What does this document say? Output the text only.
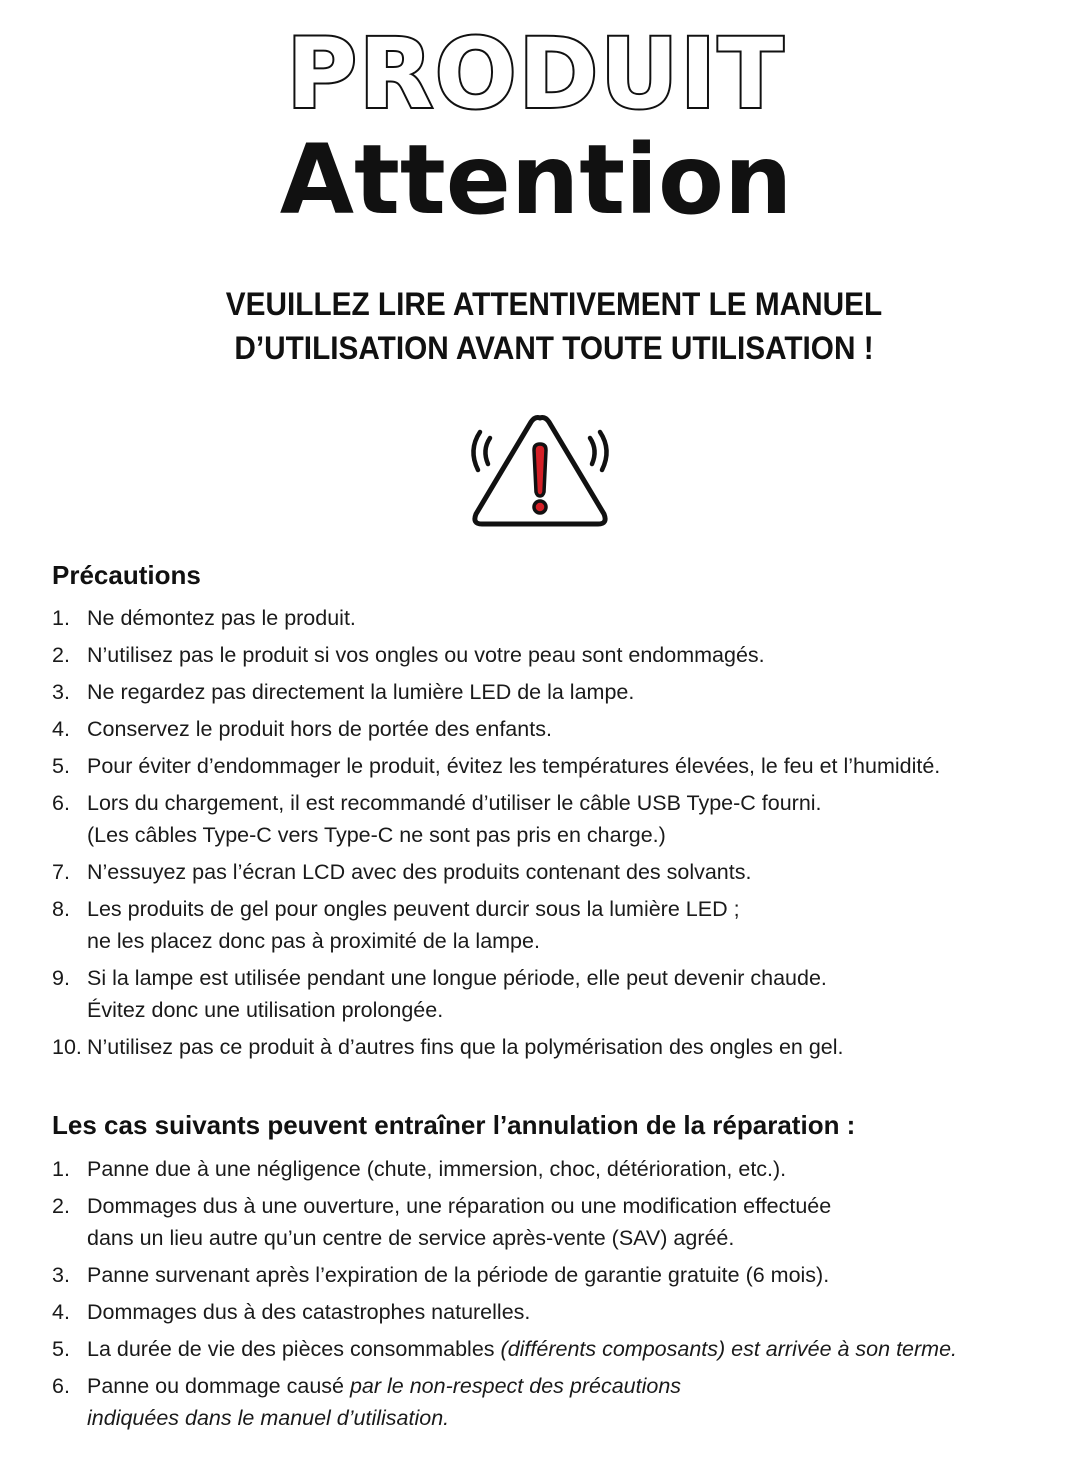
PRODUIT
Attention
VEUILLEZ LIRE ATTENTIVEMENT LE MANUEL
D’UTILISATION AVANT TOUTE UTILISATION !
Précautions
1. Ne démontez pas le produit.
2. N’utilisez pas le produit si vos ongles ou votre peau sont endommagés.
3. Ne regardez pas directement la lumière LED de la lampe.
4. Conservez le produit hors de portée des enfants.
5. Pour éviter d’endommager le produit, évitez les températures élevées, le feu et l’humidité.
6. Lors du chargement, il est recommandé d’utiliser le câble USB Type-C fourni.
(Les câbles Type-C vers Type-C ne sont pas pris en charge.)
7. N’essuyez pas l’écran LCD avec des produits contenant des solvants.
8. Les produits de gel pour ongles peuvent durcir sous la lumière LED ;
ne les placez donc pas à proximité de la lampe.
9. Si la lampe est utilisée pendant une longue période, elle peut devenir chaude.
Évitez donc une utilisation prolongée.
10. N’utilisez pas ce produit à d’autres fins que la polymérisation des ongles en gel.
Les cas suivants peuvent entraîner l’annulation de la réparation :
1. Panne due à une négligence (chute, immersion, choc, détérioration, etc.).
2. Dommages dus à une ouverture, une réparation ou une modification effectuée
dans un lieu autre qu’un centre de service après-vente (SAV) agréé.
3. Panne survenant après l’expiration de la période de garantie gratuite (6 mois).
4. Dommages dus à des catastrophes naturelles.
5. La durée de vie des pièces consommables (différents composants) est arrivée à son terme.
6. Panne ou dommage causé par le non-respect des précautions
indiquées dans le manuel d’utilisation.
